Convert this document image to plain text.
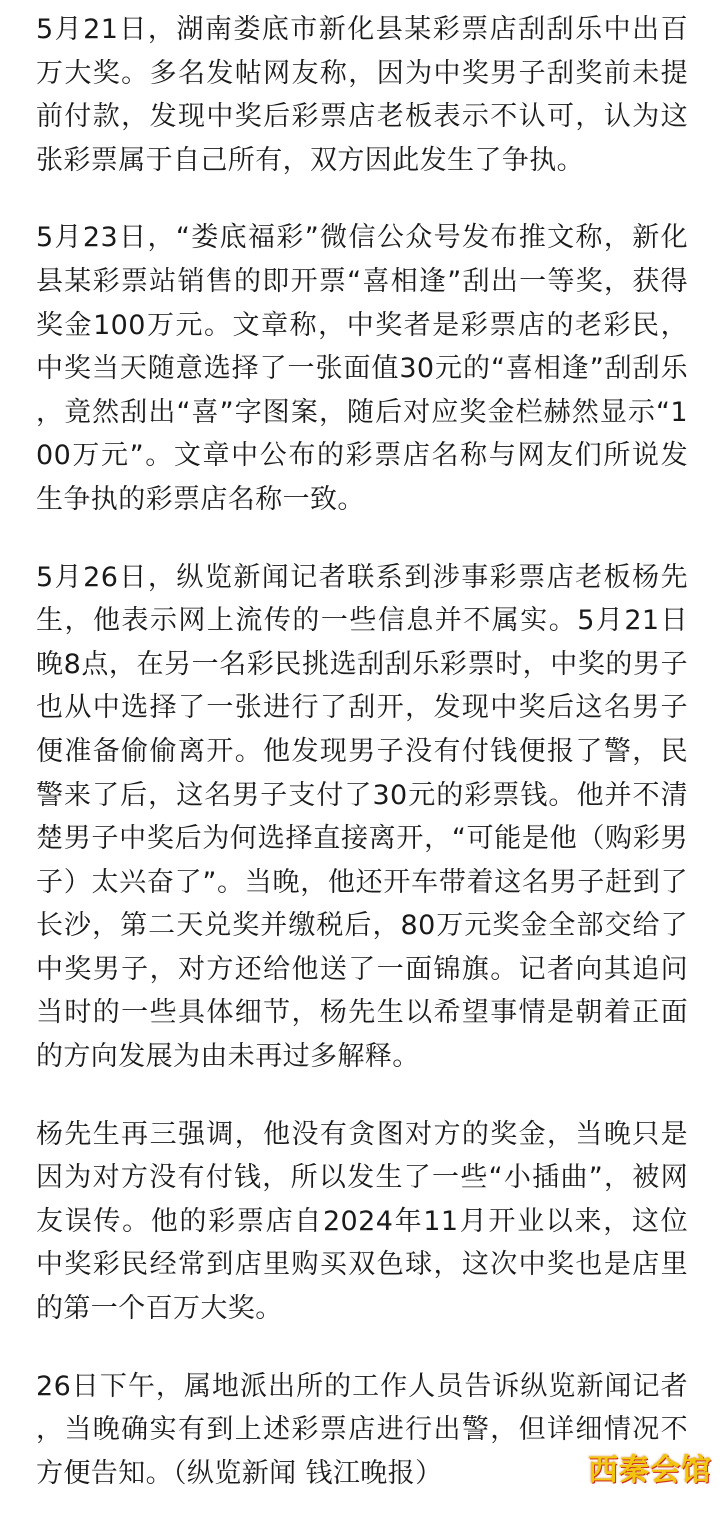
5月21日，湖南娄底市新化县某彩票店刮刮乐中出百万大奖。多名发帖网友称，因为中奖男子刮奖前未提前付款，发现中奖后彩票店老板表示不认可，认为这张彩票属于自己所有，双方因此发生了争执。

5月23日，“娄底福彩”微信公众号发布推文称，新化县某彩票站销售的即开票“喜相逢”刮出一等奖，获得奖金100万元。文章称，中奖者是彩票店的老彩民，中奖当天随意选择了一张面值30元的“喜相逢”刮刮乐，竟然刮出“喜”字图案，随后对应奖金栏赫然显示“100万元”。文章中公布的彩票店名称与网友们所说发生争执的彩票店名称一致。

5月26日，纵览新闻记者联系到涉事彩票店老板杨先生，他表示网上流传的一些信息并不属实。5月21日晚8点，在另一名彩民挑选刮刮乐彩票时，中奖的男子也从中选择了一张进行了刮开，发现中奖后这名男子便准备偷偷离开。他发现男子没有付钱便报了警，民警来了后，这名男子支付了30元的彩票钱。他并不清楚男子中奖后为何选择直接离开，“可能是他（购彩男子）太兴奋了”。当晚，他还开车带着这名男子赶到了长沙，第二天兑奖并缴税后，80万元奖金全部交给了中奖男子，对方还给他送了一面锦旗。记者向其追问当时的一些具体细节，杨先生以希望事情是朝着正面的方向发展为由未再过多解释。

杨先生再三强调，他没有贪图对方的奖金，当晚只是因为对方没有付钱，所以发生了一些“小插曲”，被网友误传。他的彩票店自2024年11月开业以来，这位中奖彩民经常到店里购买双色球，这次中奖也是店里的第一个百万大奖。

26日下午，属地派出所的工作人员告诉纵览新闻记者，当晚确实有到上述彩票店进行出警，但详细情况不方便告知。（纵览新闻 钱江晚报）	西秦会馆
